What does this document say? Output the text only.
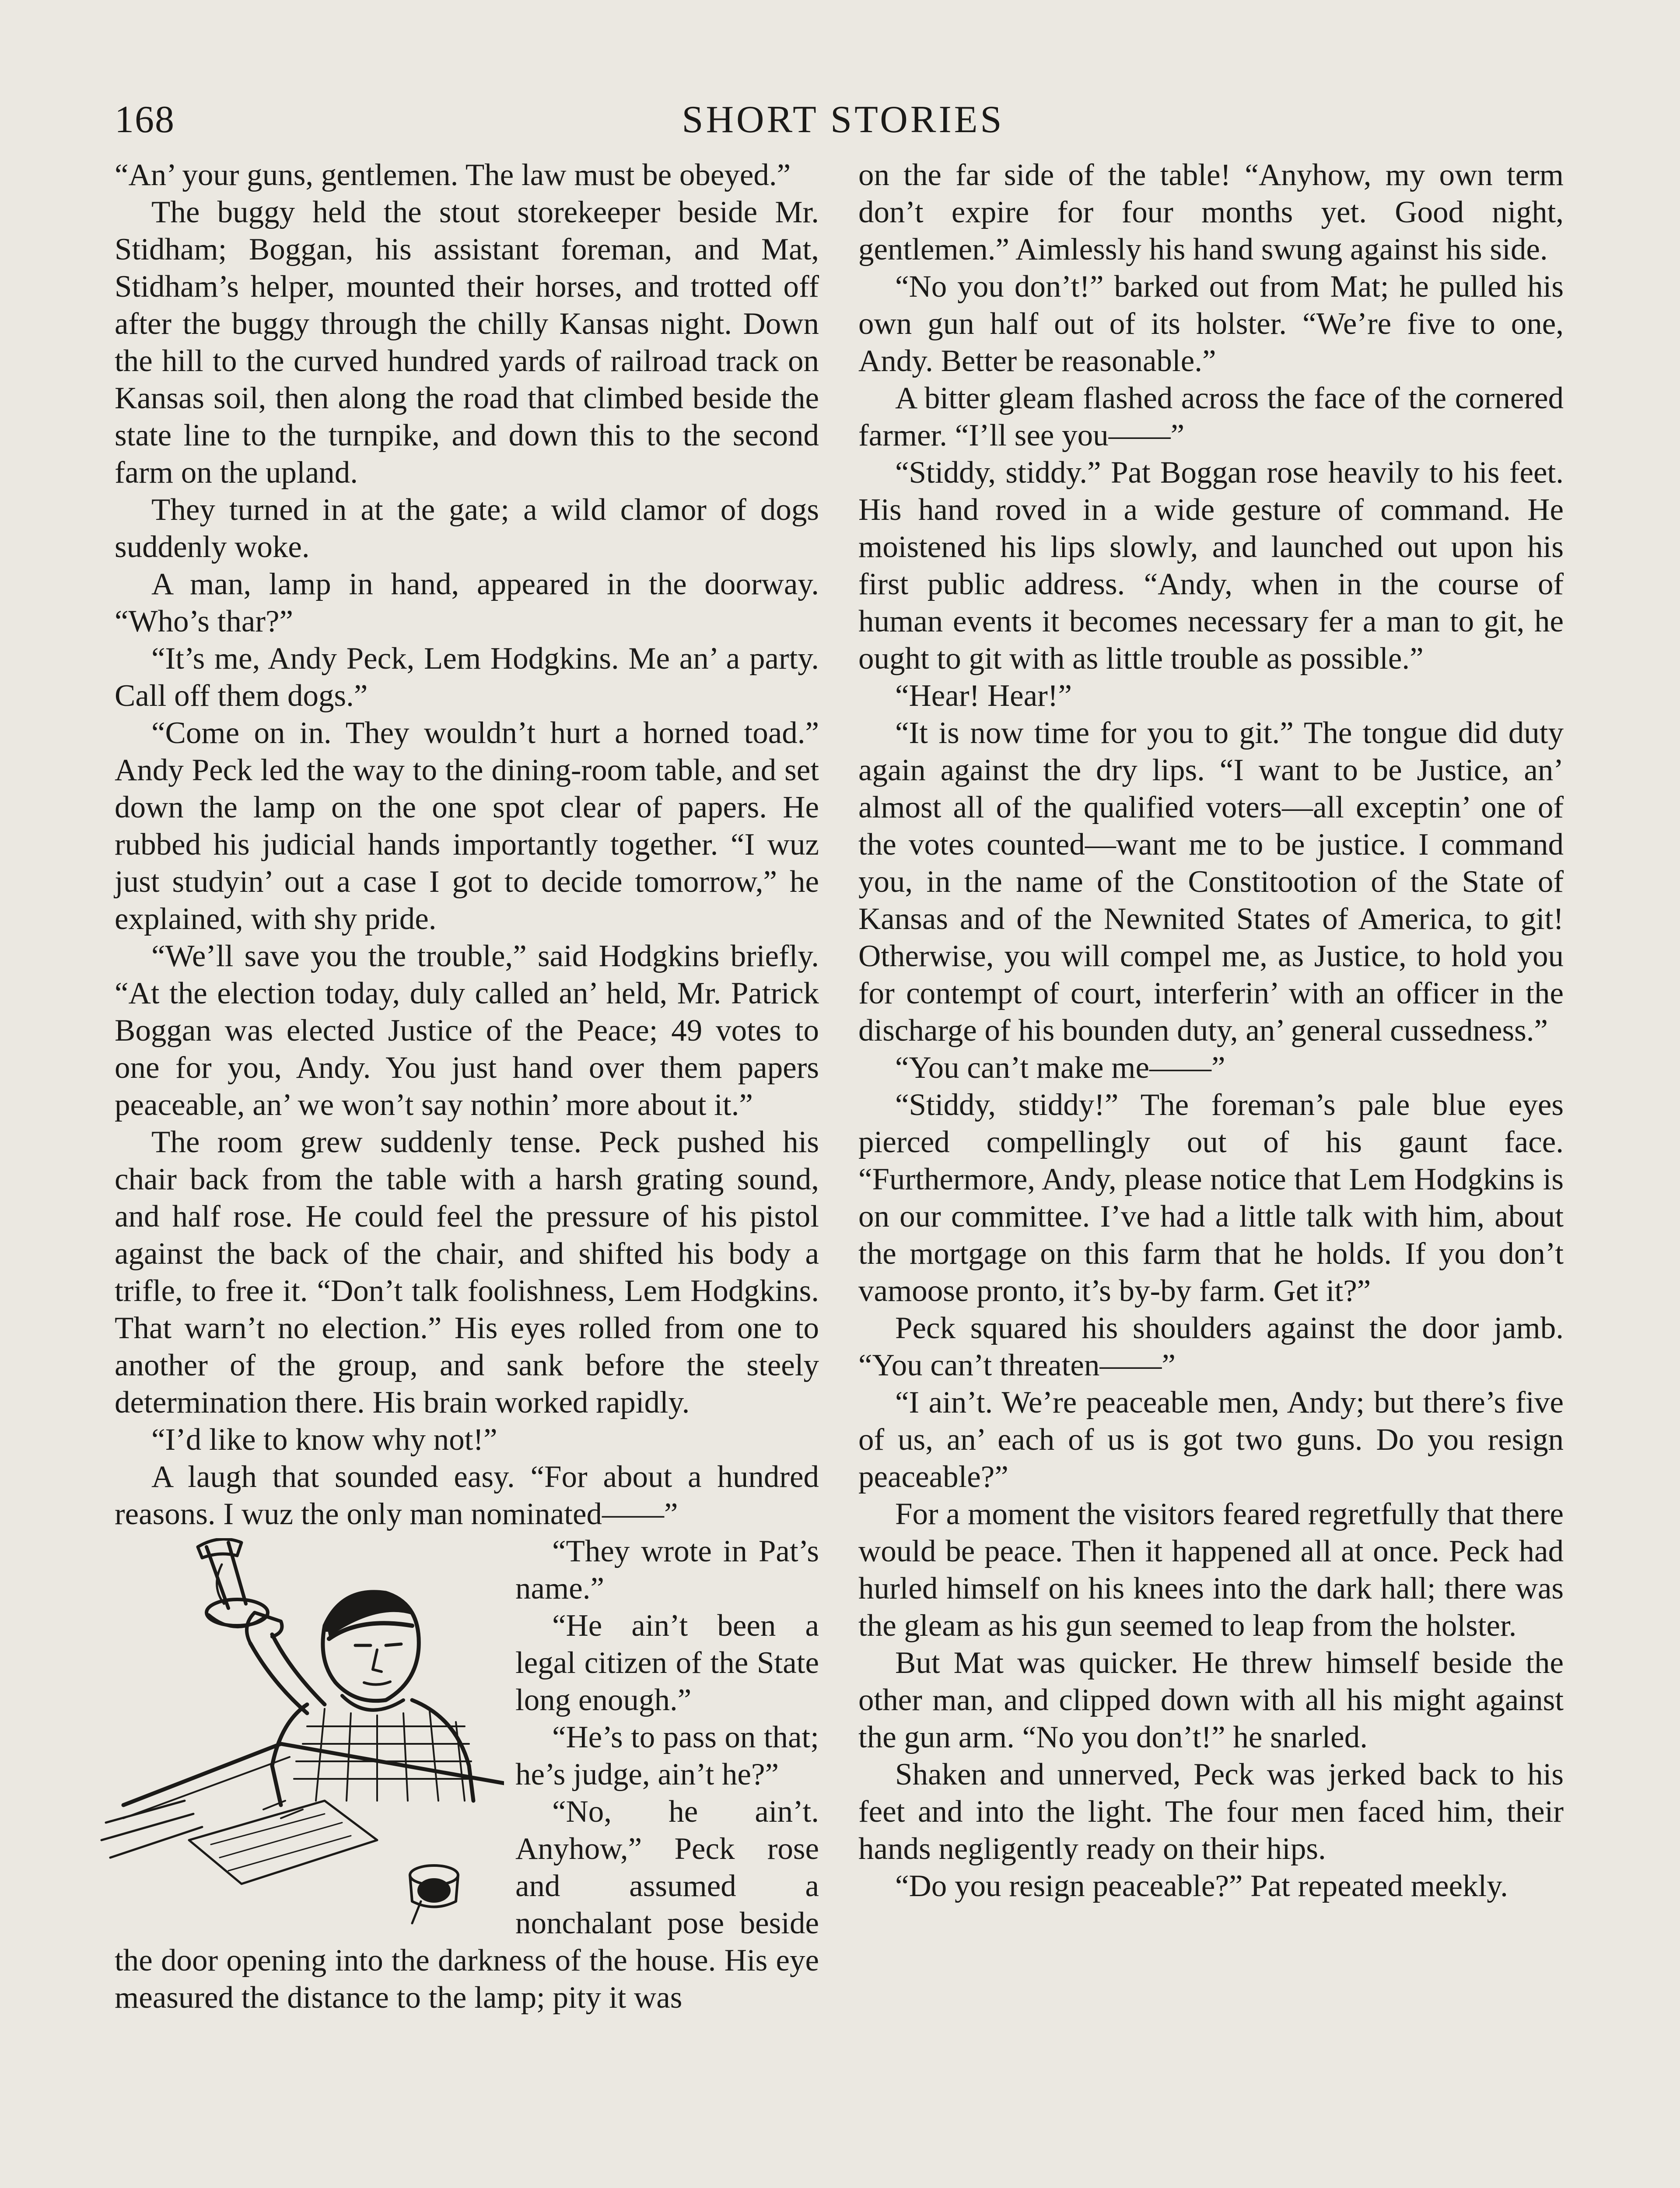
168	SHORT STORIES

“An’ your guns, gentlemen. The law must be obeyed.”

The buggy held the stout storekeeper beside Mr. Stidham; Boggan, his assistant foreman, and Mat, Stidham’s helper, mounted their horses, and trotted off after the buggy through the chilly Kansas night. Down the hill to the curved hundred yards of railroad track on Kansas soil, then along the road that climbed beside the state line to the turnpike, and down this to the second farm on the upland.

They turned in at the gate; a wild clamor of dogs suddenly woke.

A man, lamp in hand, appeared in the doorway. “Who’s thar?”

“It’s me, Andy Peck, Lem Hodgkins. Me an’ a party. Call off them dogs.”

“Come on in. They wouldn’t hurt a horned toad.” Andy Peck led the way to the dining-room table, and set down the lamp on the one spot clear of papers. He rubbed his judicial hands importantly together. “I wuz just studyin’ out a case I got to decide tomorrow,” he explained, with shy pride.

“We’ll save you the trouble,” said Hodgkins briefly. “At the election today, duly called an’ held, Mr. Patrick Boggan was elected Justice of the Peace; 49 votes to one for you, Andy. You just hand over them papers peaceable, an’ we won’t say nothin’ more about it.”

The room grew suddenly tense. Peck pushed his chair back from the table with a harsh grating sound, and half rose. He could feel the pressure of his pistol against the back of the chair, and shifted his body a trifle, to free it. “Don’t talk foolishness, Lem Hodgkins. That warn’t no election.” His eyes rolled from one to another of the group, and sank before the steely determination there. His brain worked rapidly.

“I’d like to know why not!”

A laugh that sounded easy. “For about a hundred reasons. I wuz the only man nominated——”

“They wrote in Pat’s name.”

“He ain’t been a legal citizen of the State long enough.”

“He’s to pass on that; he’s judge, ain’t he?”

“No, he ain’t. Anyhow,” Peck rose and assumed a nonchalant pose beside the door opening into the darkness of the house. His eye measured the distance to the lamp; pity it was

on the far side of the table! “Anyhow, my own term don’t expire for four months yet. Good night, gentlemen.” Aimlessly his hand swung against his side.

“No you don’t!” barked out from Mat; he pulled his own gun half out of its holster. “We’re five to one, Andy. Better be reasonable.”

A bitter gleam flashed across the face of the cornered farmer. “I’ll see you——”

“Stiddy, stiddy.” Pat Boggan rose heavily to his feet. His hand roved in a wide gesture of command. He moistened his lips slowly, and launched out upon his first public address. “Andy, when in the course of human events it becomes necessary fer a man to git, he ought to git with as little trouble as possible.”

“Hear! Hear!”

“It is now time for you to git.” The tongue did duty again against the dry lips. “I want to be Justice, an’ almost all of the qualified voters—all exceptin’ one of the votes counted—want me to be justice. I command you, in the name of the Constitootion of the State of Kansas and of the Newnited States of America, to git! Otherwise, you will compel me, as Justice, to hold you for contempt of court, interferin’ with an officer in the discharge of his bounden duty, an’ general cussedness.”

“You can’t make me——”

“Stiddy, stiddy!” The foreman’s pale blue eyes pierced compellingly out of his gaunt face. “Furthermore, Andy, please notice that Lem Hodgkins is on our committee. I’ve had a little talk with him, about the mortgage on this farm that he holds. If you don’t vamoose pronto, it’s by-by farm. Get it?”

Peck squared his shoulders against the door jamb. “You can’t threaten——”

“I ain’t. We’re peaceable men, Andy; but there’s five of us, an’ each of us is got two guns. Do you resign peaceable?”

For a moment the visitors feared regretfully that there would be peace. Then it happened all at once. Peck had hurled himself on his knees into the dark hall; there was the gleam as his gun seemed to leap from the holster.

But Mat was quicker. He threw himself beside the other man, and clipped down with all his might against the gun arm. “No you don’t!” he snarled.

Shaken and unnerved, Peck was jerked back to his feet and into the light. The four men faced him, their hands negligently ready on their hips.

“Do you resign peaceable?” Pat repeated meekly.
